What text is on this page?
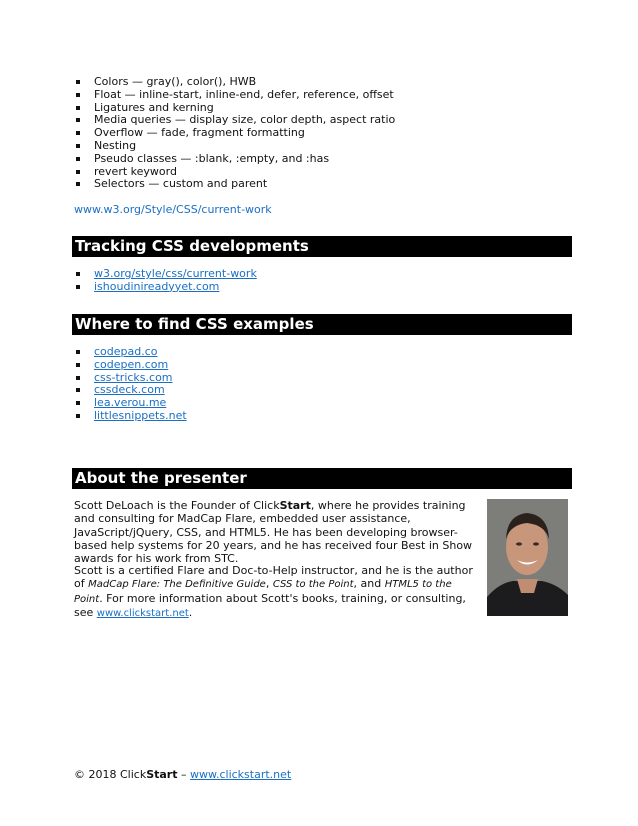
Colors — gray(), color(), HWB
Float — inline-start, inline-end, defer, reference, offset
Ligatures and kerning
Media queries — display size, color depth, aspect ratio
Overflow — fade, fragment formatting
Nesting
Pseudo classes — :blank, :empty, and :has
revert keyword
Selectors — custom and parent
www.w3.org/Style/CSS/current-work
Tracking CSS developments
w3.org/style/css/current-work
ishoudinireadyyet.com
Where to find CSS examples
codepad.co
codepen.com
css-tricks.com
cssdeck.com
lea.verou.me
littlesnippets.net
About the presenter

Scott DeLoach is the Founder of ClickStart, where he provides training and consulting for MadCap Flare, embedded user assistance, JavaScript/jQuery, CSS, and HTML5. He has been developing browser-based help systems for 20 years, and he has received four Best in Show awards for his work from STC.

Scott is a certified Flare and Doc-to-Help instructor, and he is the author of MadCap Flare: The Definitive Guide, CSS to the Point, and HTML5 to the Point. For more information about Scott's books, training, or consulting, see www.clickstart.net.

© 2018 ClickStart – www.clickstart.net
